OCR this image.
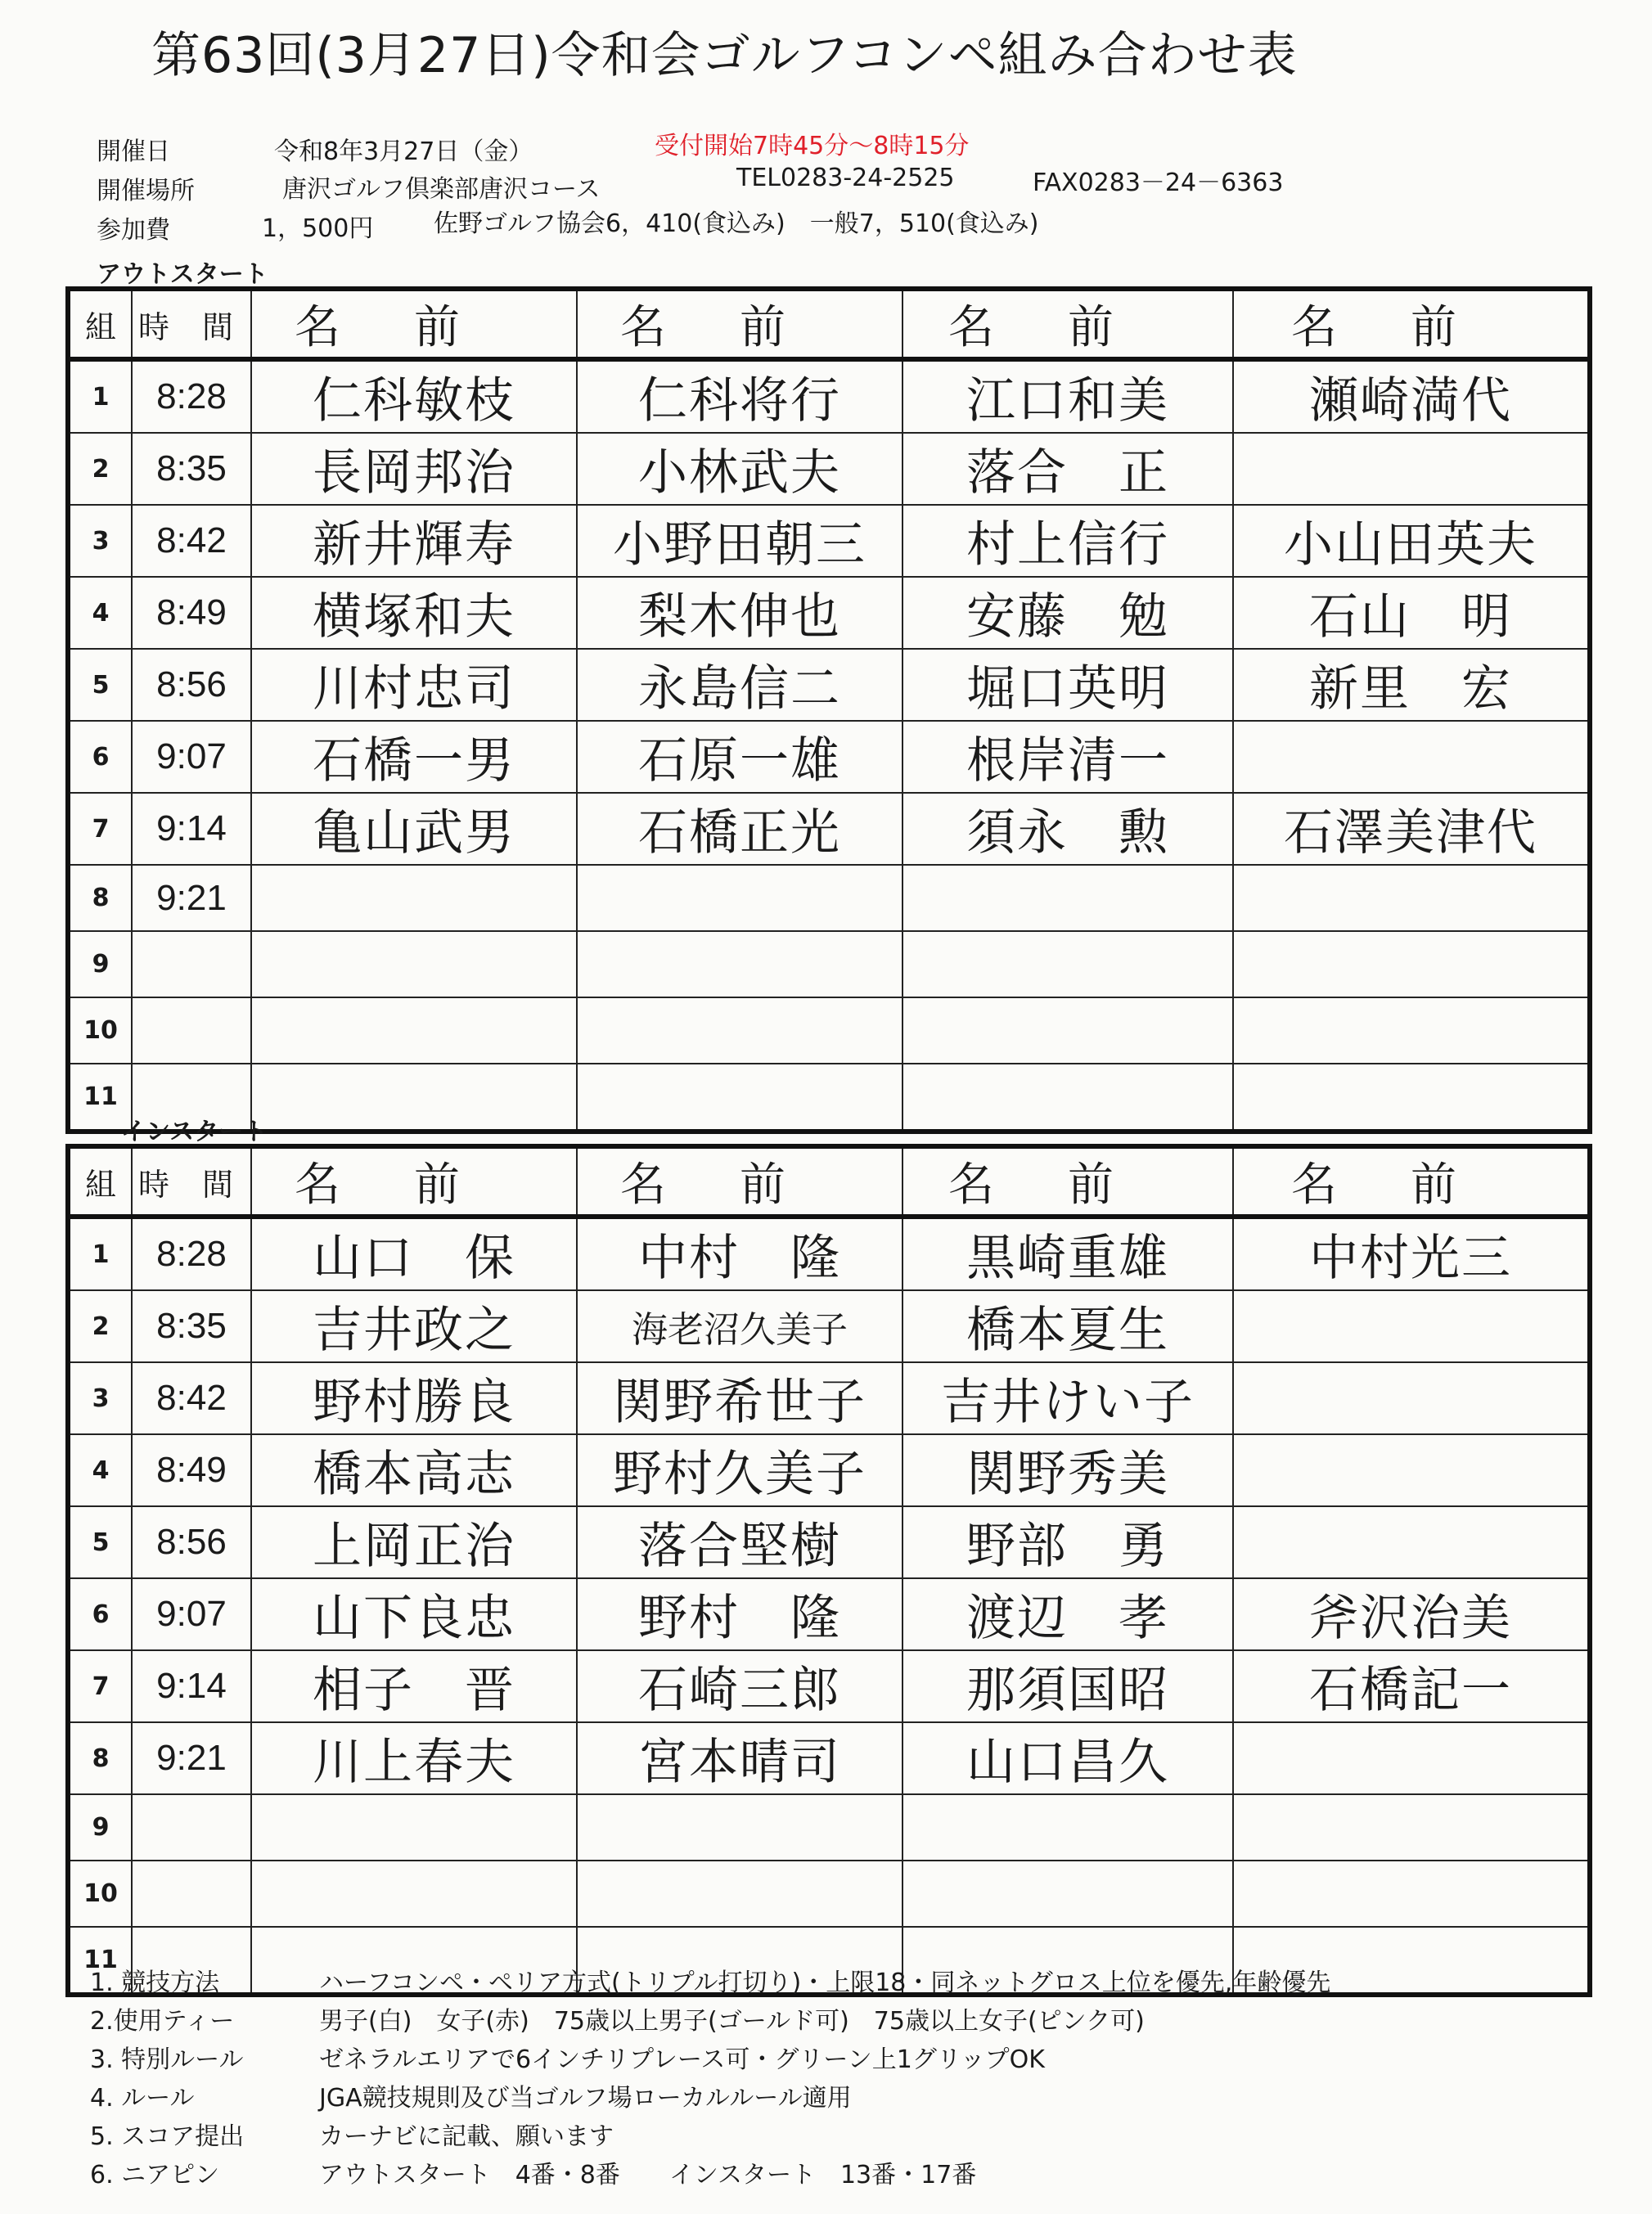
第63回(3月27日)令和会ゴルフコンペ組み合わせ表
開催日	令和8年3月27日（金）	受付開始7時45分～8時15分
開催場所	唐沢ゴルフ倶楽部唐沢コース	TEL0283-24-2525	FAX0283－24－6363
参加費	1，500円 佐野ゴルフ協会6，410(食込み)　一般7，510(食込み)
アウトスタート
組	時 間	名前	名前	名前	名前
1	8:28	仁科敏枝	仁科将行	江口和美	瀬崎満代
2	8:35	長岡邦治	小林武夫	落合　正	
3	8:42	新井輝寿	小野田朝三	村上信行	小山田英夫
4	8:49	横塚和夫	梨木伸也	安藤　勉	石山　明
5	8:56	川村忠司	永島信二	堀口英明	新里　宏
6	9:07	石橋一男	石原一雄	根岸清一	
7	9:14	亀山武男	石橋正光	須永　勲	石澤美津代
8	9:21				
9					
10					
11					
インスタート
組	時 間	名前	名前	名前	名前
1	8:28	山口　保	中村　隆	黒崎重雄	中村光三
2	8:35	吉井政之	海老沼久美子	橋本夏生	
3	8:42	野村勝良	関野希世子	吉井けい子	
4	8:49	橋本高志	野村久美子	関野秀美	
5	8:56	上岡正治	落合堅樹	野部　勇	
6	9:07	山下良忠	野村　隆	渡辺　孝	斧沢治美
7	9:14	相子　晋	石崎三郎	那須国昭	石橋記一
8	9:21	川上春夫	宮本晴司	山口昌久	
9					
10					
11					
1. 競技方法	ハーフコンペ・ペリア方式(トリプル打切り)・上限18・同ネットグロス上位を優先,年齢優先
2.使用ティー	男子(白)　女子(赤)　75歳以上男子(ゴールド可)　75歳以上女子(ピンク可)
3. 特別ルール	ゼネラルエリアで6インチリプレース可・グリーン上1グリップOK
4. ルール	JGA競技規則及び当ゴルフ場ローカルルール適用
5. スコア提出	カーナビに記載、願います
6. ニアピン	アウトスタート　4番・8番　　インスタート　13番・17番
